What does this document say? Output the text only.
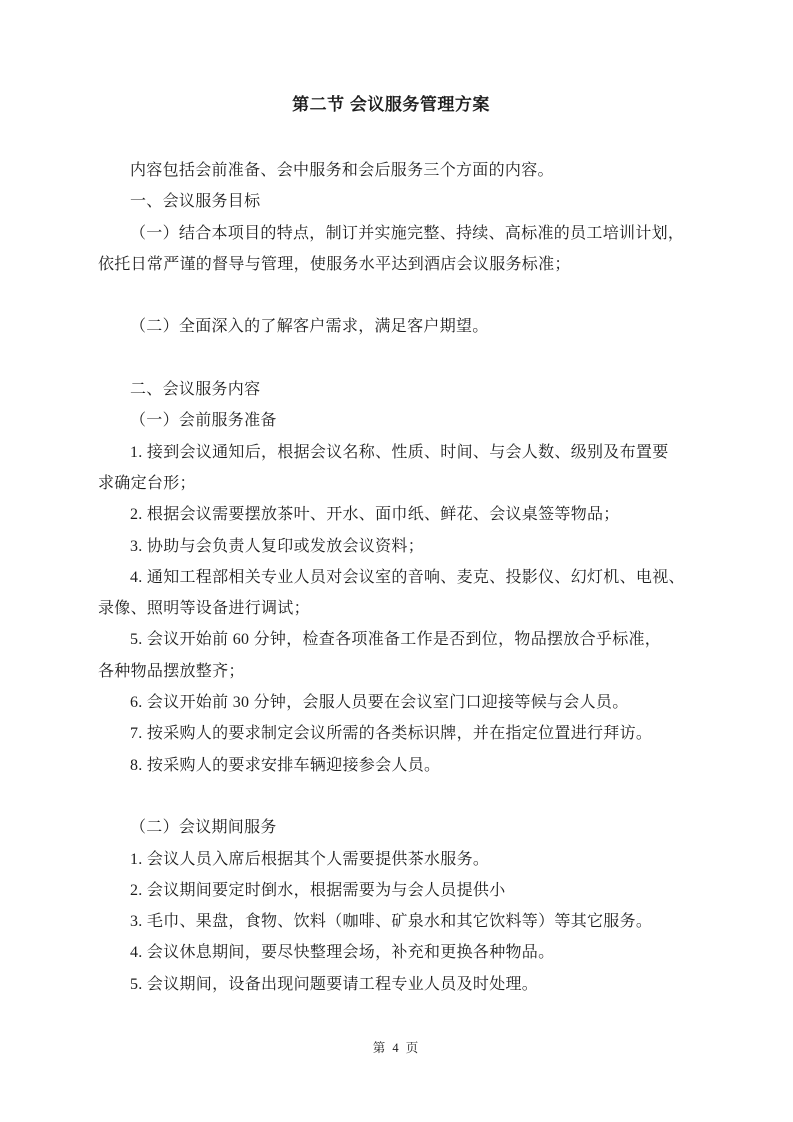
第二节 会议服务管理方案
内容包括会前准备、会中服务和会后服务三个方面的内容。
一、会议服务目标
（一）结合本项目的特点，制订并实施完整、持续、高标准的员工培训计划，
依托日常严谨的督导与管理，使服务水平达到酒店会议服务标准；
（二）全面深入的了解客户需求，满足客户期望。
二、会议服务内容
（一）会前服务准备
1. 接到会议通知后，根据会议名称、性质、时间、与会人数、级别及布置要
求确定台形；
2. 根据会议需要摆放茶叶、开水、面巾纸、鲜花、会议桌签等物品；
3. 协助与会负责人复印或发放会议资料；
4. 通知工程部相关专业人员对会议室的音响、麦克、投影仪、幻灯机、电视、
录像、照明等设备进行调试；
5. 会议开始前 60 分钟，检查各项准备工作是否到位，物品摆放合乎标准，
各种物品摆放整齐；
6. 会议开始前 30 分钟，会服人员要在会议室门口迎接等候与会人员。
7. 按采购人的要求制定会议所需的各类标识牌，并在指定位置进行拜访。
8. 按采购人的要求安排车辆迎接参会人员。
（二）会议期间服务
1. 会议人员入席后根据其个人需要提供茶水服务。
2. 会议期间要定时倒水，根据需要为与会人员提供小
3. 毛巾、果盘，食物、饮料（咖啡、矿泉水和其它饮料等）等其它服务。
4. 会议休息期间，要尽快整理会场，补充和更换各种物品。
5. 会议期间，设备出现问题要请工程专业人员及时处理。
第 4 页
